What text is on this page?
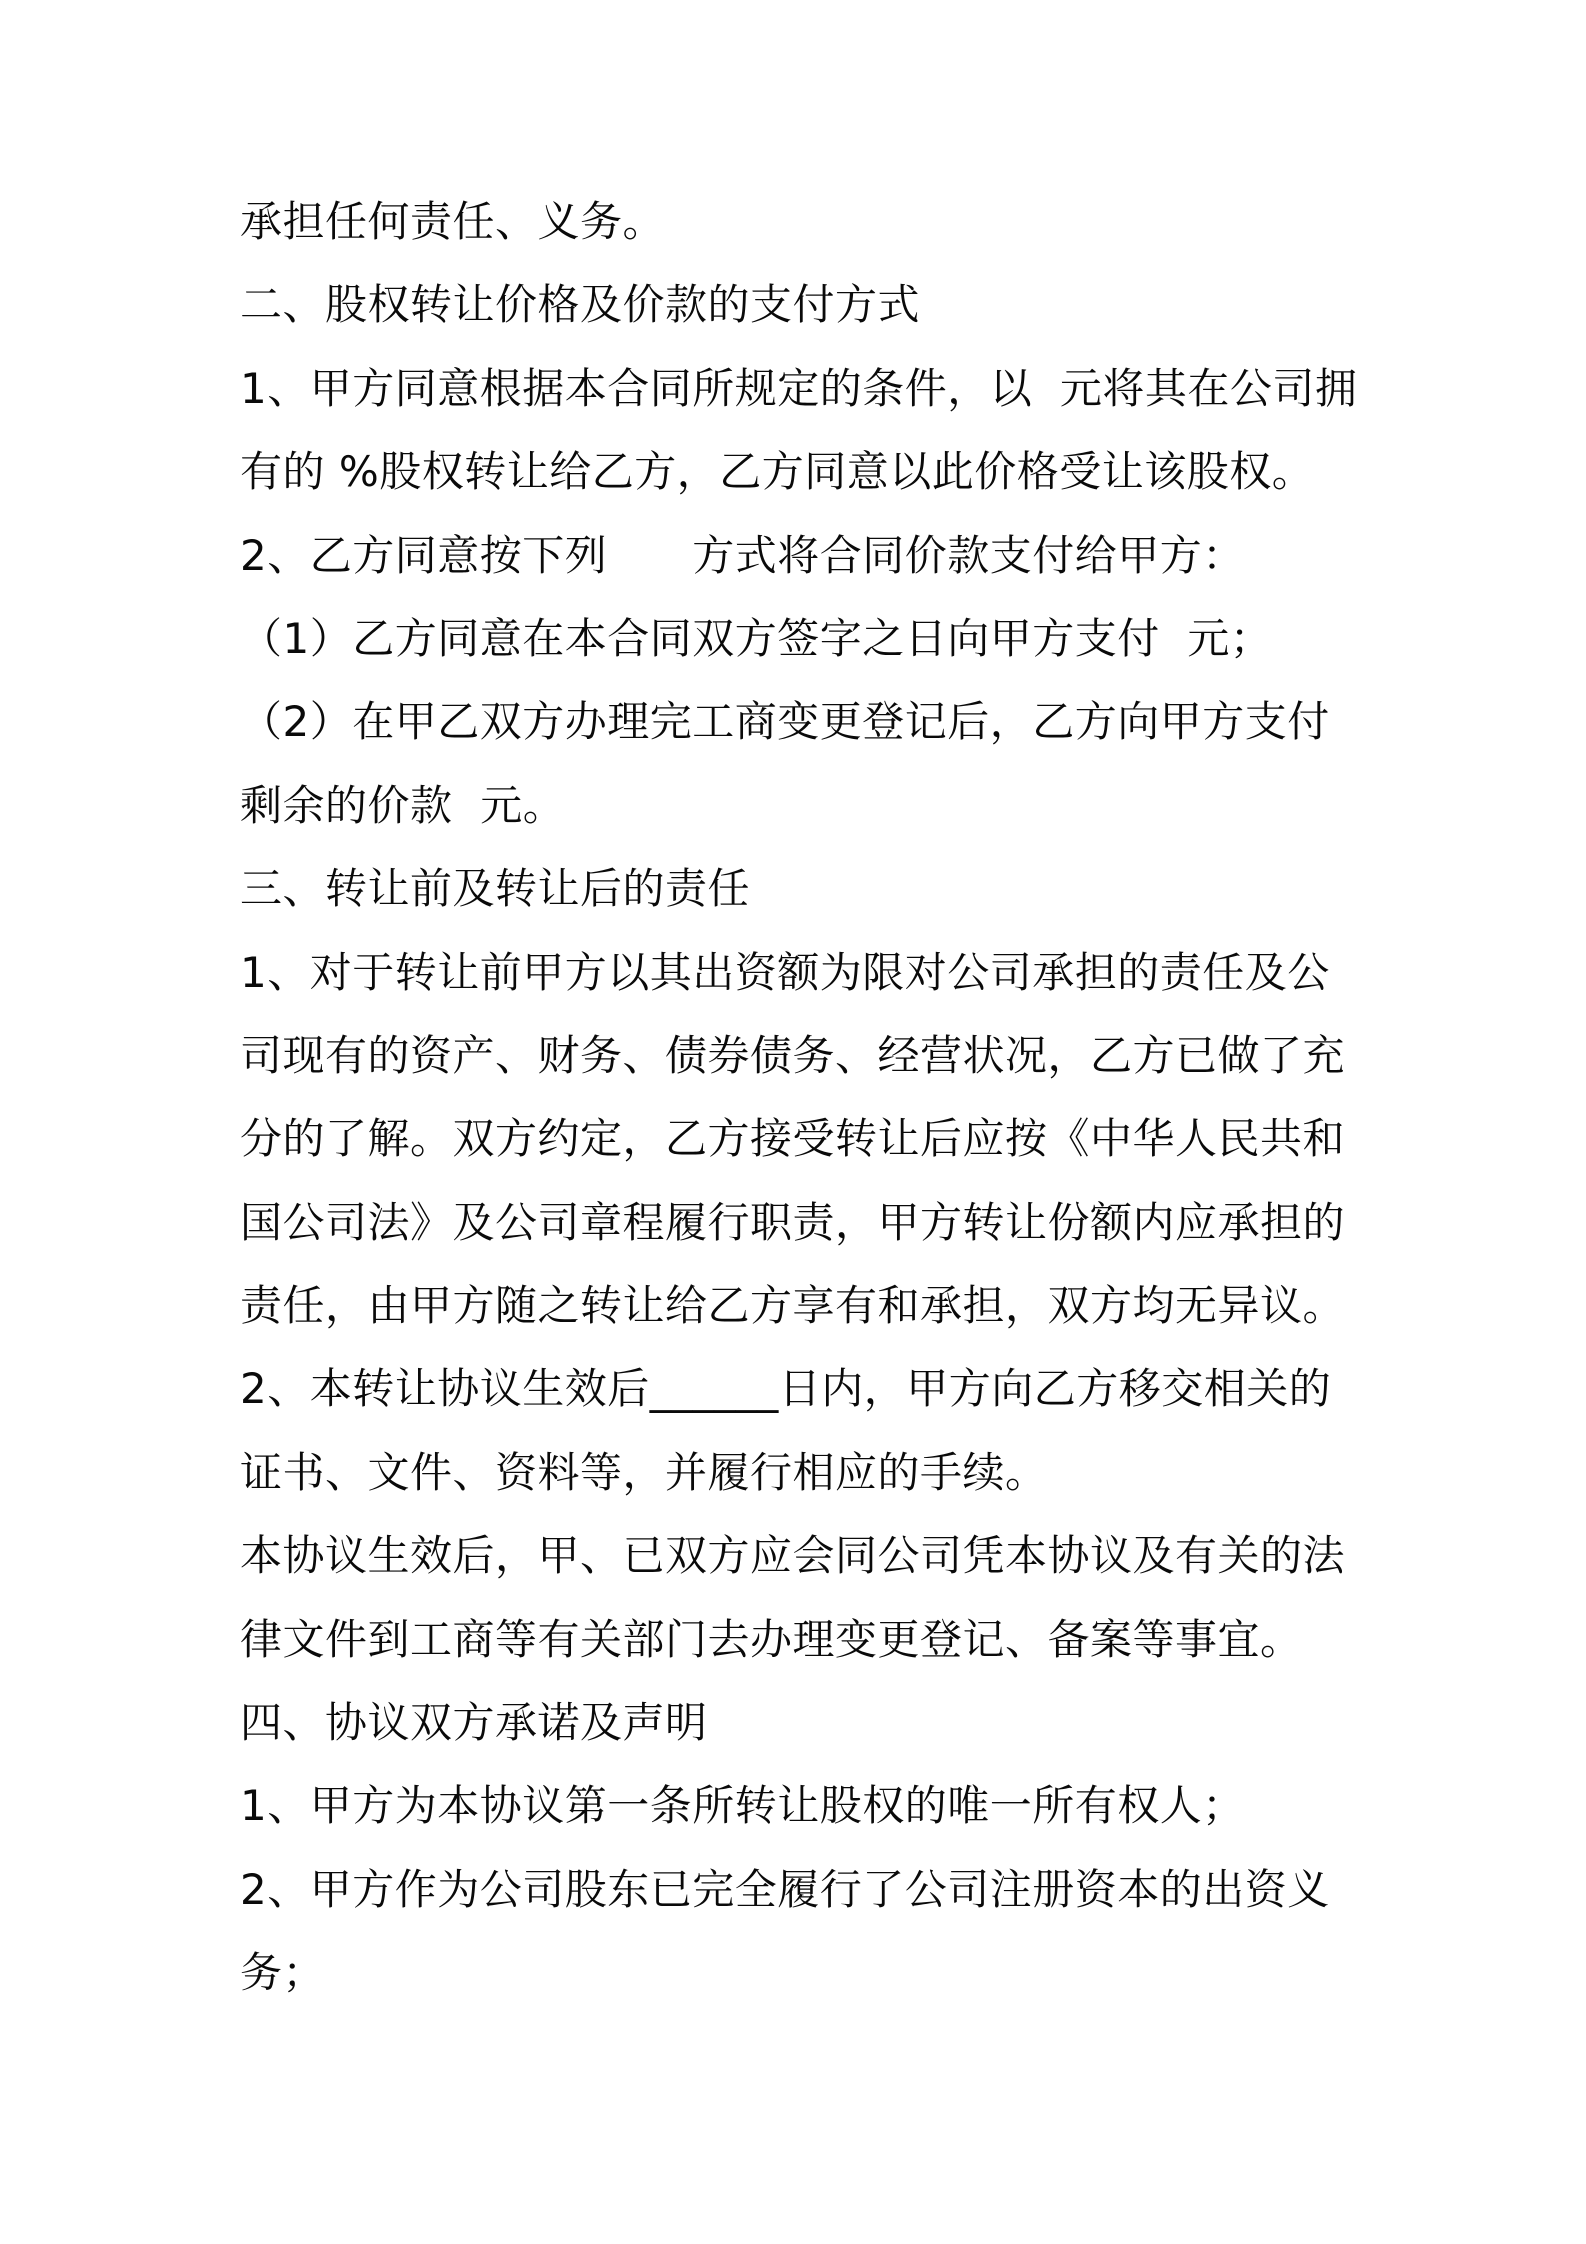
承担任何责任、义务。
二、股权转让价格及价款的支付方式
1、甲方同意根据本合同所规定的条件，以  元将其在公司拥
有的 %股权转让给乙方，乙方同意以此价格受让该股权。
2、乙方同意按下列　　方式将合同价款支付给甲方：
（1）乙方同意在本合同双方签字之日向甲方支付  元；
（2）在甲乙双方办理完工商变更登记后，乙方向甲方支付
剩余的价款  元。
三、转让前及转让后的责任
1、对于转让前甲方以其出资额为限对公司承担的责任及公
司现有的资产、财务、债券债务、经营状况，乙方已做了充
分的了解。双方约定，乙方接受转让后应按《中华人民共和
国公司法》及公司章程履行职责，甲方转让份额内应承担的
责任，由甲方随之转让给乙方享有和承担，双方均无异议。
2、本转让协议生效后______日内，甲方向乙方移交相关的
证书、文件、资料等，并履行相应的手续。
本协议生效后，甲、已双方应会同公司凭本协议及有关的法
律文件到工商等有关部门去办理变更登记、备案等事宜。
四、协议双方承诺及声明
1、甲方为本协议第一条所转让股权的唯一所有权人；
2、甲方作为公司股东已完全履行了公司注册资本的出资义
务；
